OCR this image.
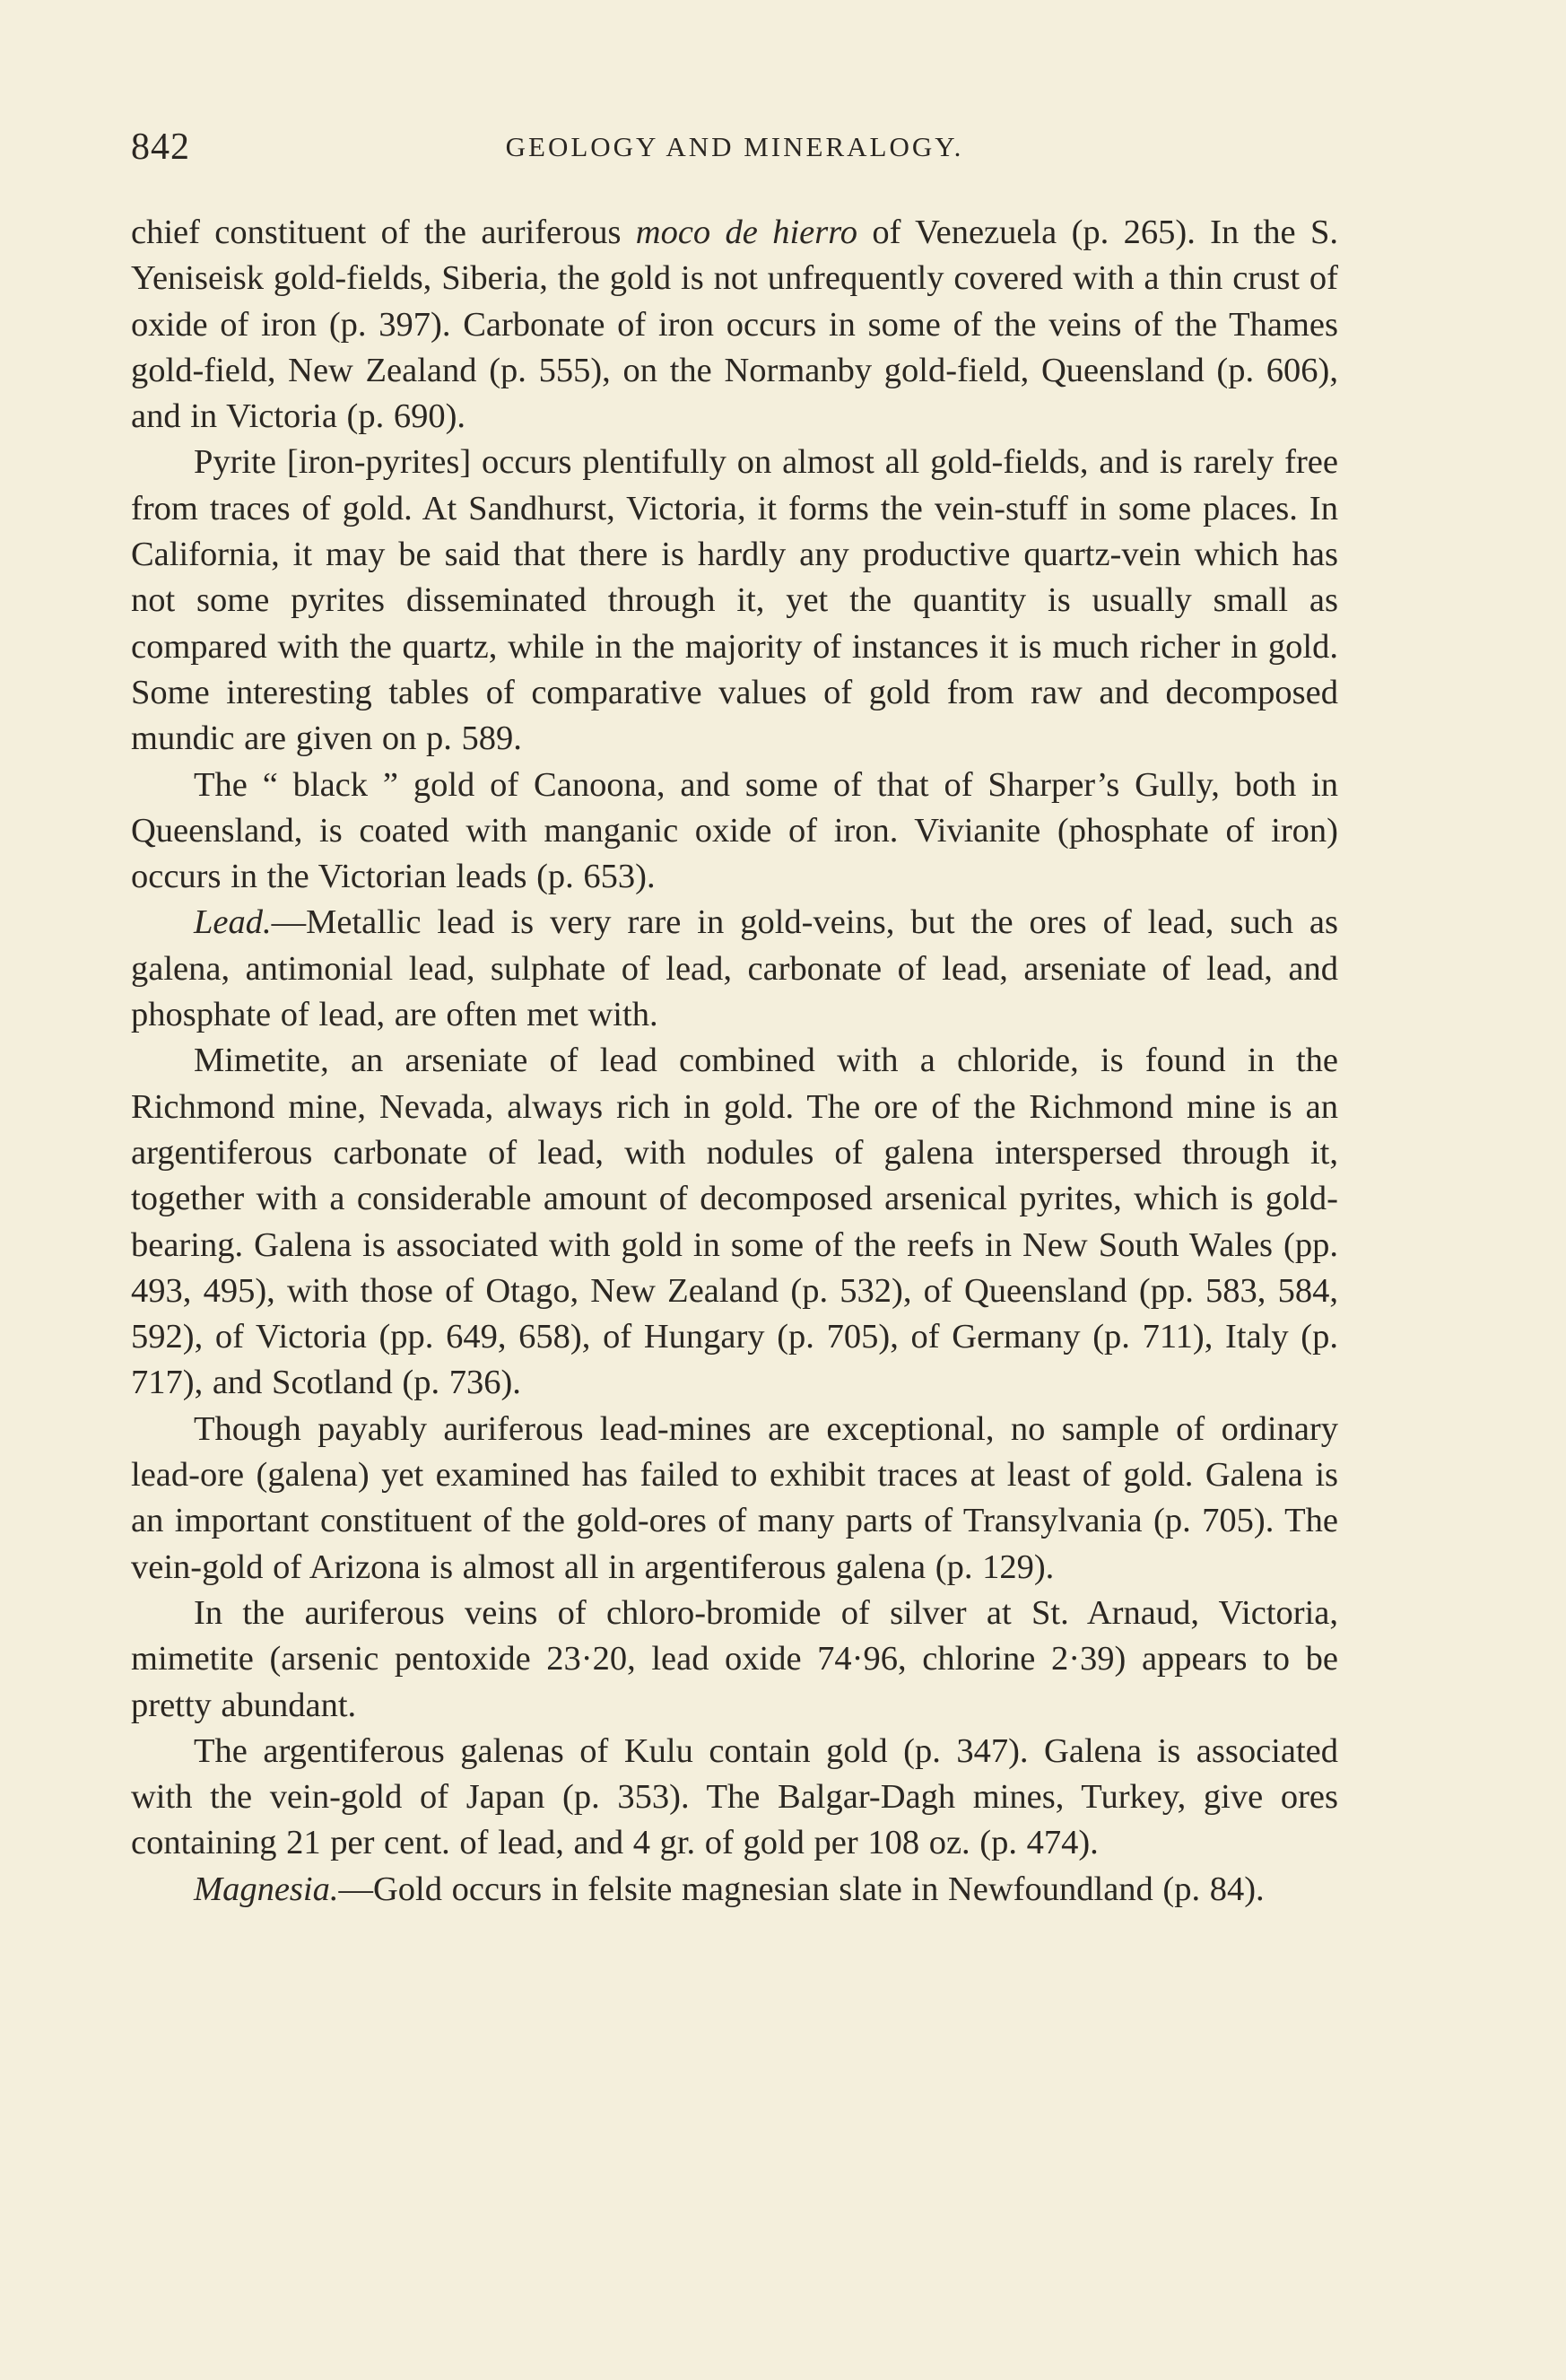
842	GEOLOGY AND MINERALOGY.

chief constituent of the auriferous moco de hierro of Venezuela (p. 265). In the S. Yeniseisk gold-fields, Siberia, the gold is not unfrequently covered with a thin crust of oxide of iron (p. 397). Carbonate of iron occurs in some of the veins of the Thames gold-field, New Zealand (p. 555), on the Normanby gold-field, Queensland (p. 606), and in Victoria (p. 690).

Pyrite [iron-pyrites] occurs plentifully on almost all gold-fields, and is rarely free from traces of gold. At Sandhurst, Victoria, it forms the vein-stuff in some places. In California, it may be said that there is hardly any productive quartz-vein which has not some pyrites disseminated through it, yet the quantity is usually small as compared with the quartz, while in the majority of instances it is much richer in gold. Some interesting tables of comparative values of gold from raw and decomposed mundic are given on p. 589.

The “ black ” gold of Canoona, and some of that of Sharper’s Gully, both in Queensland, is coated with manganic oxide of iron. Vivianite (phosphate of iron) occurs in the Victorian leads (p. 653).

Lead.—Metallic lead is very rare in gold-veins, but the ores of lead, such as galena, antimonial lead, sulphate of lead, carbonate of lead, arseniate of lead, and phosphate of lead, are often met with.

Mimetite, an arseniate of lead combined with a chloride, is found in the Richmond mine, Nevada, always rich in gold. The ore of the Richmond mine is an argentiferous carbonate of lead, with nodules of galena interspersed through it, together with a considerable amount of decomposed arsenical pyrites, which is gold-bearing. Galena is associated with gold in some of the reefs in New South Wales (pp. 493, 495), with those of Otago, New Zealand (p. 532), of Queensland (pp. 583, 584, 592), of Victoria (pp. 649, 658), of Hungary (p. 705), of Germany (p. 711), Italy (p. 717), and Scotland (p. 736).

Though payably auriferous lead-mines are exceptional, no sample of ordinary lead-ore (galena) yet examined has failed to exhibit traces at least of gold. Galena is an important constituent of the gold-ores of many parts of Transylvania (p. 705). The vein-gold of Arizona is almost all in argentiferous galena (p. 129).

In the auriferous veins of chloro-bromide of silver at St. Arnaud, Victoria, mimetite (arsenic pentoxide 23·20, lead oxide 74·96, chlorine 2·39) appears to be pretty abundant.

The argentiferous galenas of Kulu contain gold (p. 347). Galena is associated with the vein-gold of Japan (p. 353). The Balgar-Dagh mines, Turkey, give ores containing 21 per cent. of lead, and 4 gr. of gold per 108 oz. (p. 474).

Magnesia.—Gold occurs in felsite magnesian slate in Newfoundland (p. 84).
